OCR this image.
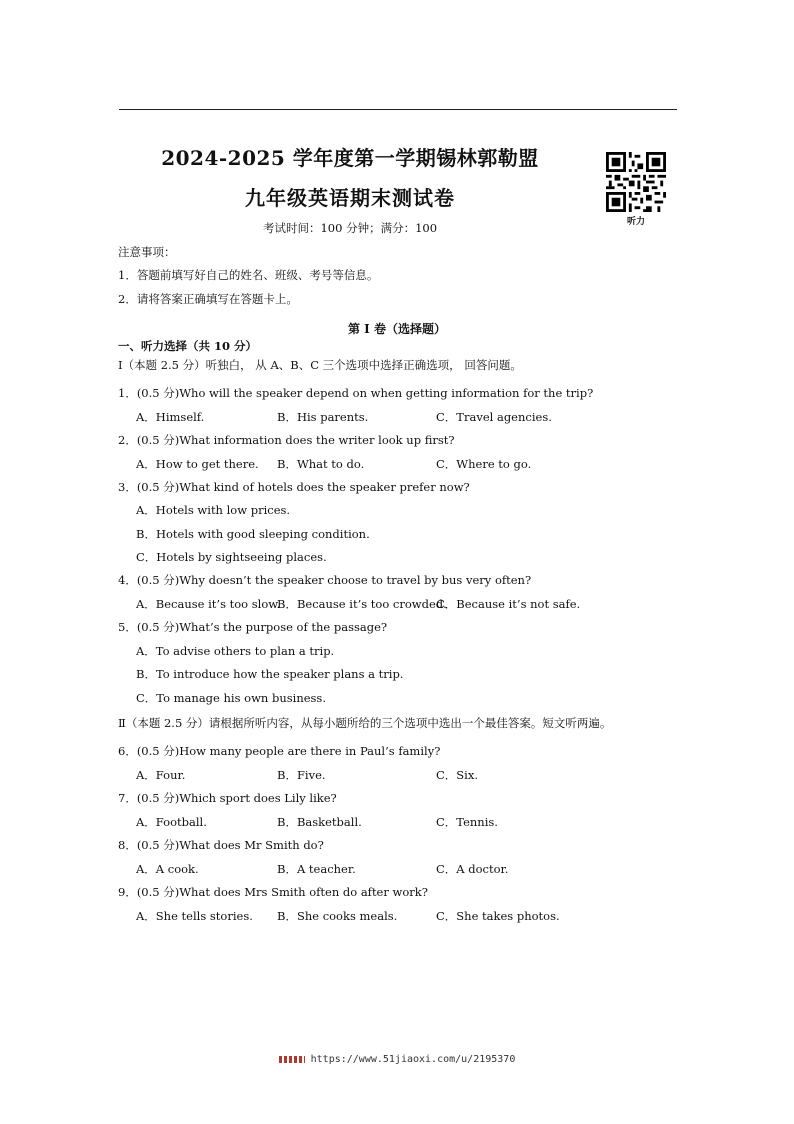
2024-2025 学年度第一学期锡林郭勒盟
九年级英语期末测试卷
考试时间：100 分钟；满分：100	听力
注意事项：
1．答题前填写好自己的姓名、班级、考号等信息。
2．请将答案正确填写在答题卡上。
第 I 卷（选择题）
一、听力选择（共 10 分）
Ⅰ（本题 2.5 分）听独白， 从 A、B、C 三个选项中选择正确选项， 回答问题。
1．(0.5 分)Who will the speaker depend on when getting information for the trip?
A．Himself.	B．His parents.	C．Travel agencies.
2．(0.5 分)What information does the writer look up first?
A．How to get there. B．What to do.	C．Where to go.
3．(0.5 分)What kind of hotels does the speaker prefer now?
A．Hotels with low prices.
B．Hotels with good sleeping condition.
C．Hotels by sightseeing places.
4．(0.5 分)Why doesn’t the speaker choose to travel by bus very often?
A．Because it’s too slow.
B．Because it’s too crowded.
C．Because it’s not safe.
5．(0.5 分)What’s the purpose of the passage?
A．To advise others to plan a trip.
B．To introduce how the speaker plans a trip.
C．To manage his own business.
Ⅱ（本题 2.5 分）请根据所听内容，从每小题所给的三个选项中选出一个最佳答案。短文听两遍。
6．(0.5 分)How many people are there in Paul’s family?
A．Four.	B．Five.	C．Six.
7．(0.5 分)Which sport does Lily like?
A．Football.	B．Basketball.	C．Tennis.
8．(0.5 分)What does Mr Smith do?
A．A cook.	B．A teacher.	C．A doctor.
9．(0.5 分)What does Mrs Smith often do after work?
A．She tells stories. B．She cooks meals.	C．She takes photos.
https://www.51jiaoxi.com/u/2195370
